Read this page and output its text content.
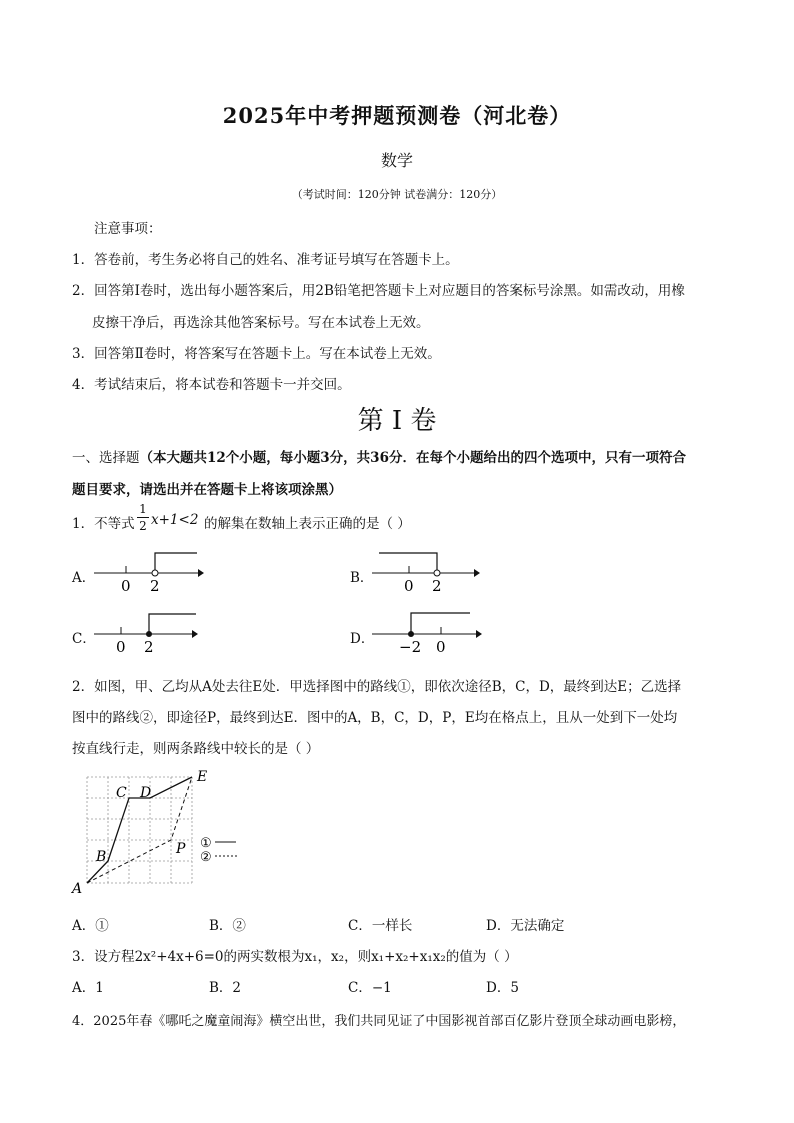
2025年中考押题预测卷（河北卷）
数学
（考试时间：120分钟 试卷满分：120分）
注意事项：
1．答卷前，考生务必将自己的姓名、准考证号填写在答题卡上。
2．回答第Ⅰ卷时，选出每小题答案后，用2B铅笔把答题卡上对应题目的答案标号涂黑。如需改动，用橡
皮擦干净后，再选涂其他答案标号。写在本试卷上无效。
3．回答第Ⅱ卷时，将答案写在答题卡上。写在本试卷上无效。
4．考试结束后，将本试卷和答题卡一并交回。
第 I 卷
一、选择题（本大题共12个小题，每小题3分，共36分．在每个小题给出的四个选项中，只有一项符合
题目要求，请选出并在答题卡上将该项涂黑）
1．不等式
1
2 x+1<2 的解集在数轴上表示正确的是（ ）
A． 0 2	0 2
0 2	−2 0
B．
C．	D．
2．如图，甲、乙均从A处去往E处．甲选择图中的路线①，即依次途径B，C，D，最终到达E；乙选择
图中的路线②，即途径P，最终到达E．图中的A，B，C，D，P，E均在格点上，且从一处到下一处均
按直线行走，则两条路线中较长的是（ ）
A
B
C D
E
P ①
②
A．①	B．②	C．一样长	D．无法确定
3．设方程2x²+4x+6=0的两实数根为x₁，x₂，则x₁+x₂+x₁x₂的值为（ ）
A．1	B．2	C．−1	D．5
4．2025年春《哪吒之魔童闹海》横空出世，我们共同见证了中国影视首部百亿影片登顶全球动画电影榜，
